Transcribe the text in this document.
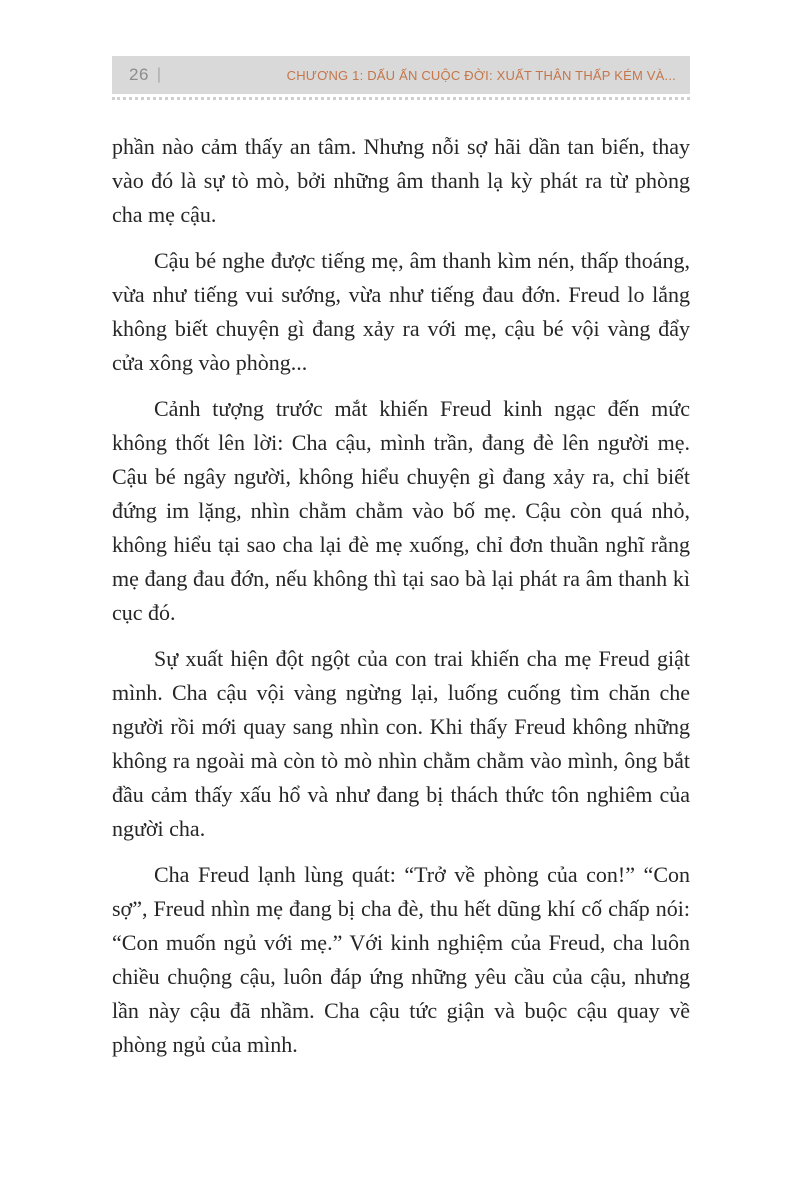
26 |	CHƯƠNG 1: DẤU ẤN CUỘC ĐỜI: XUẤT THÂN THẤP KÉM VÀ...

phần nào cảm thấy an tâm. Nhưng nỗi sợ hãi dần tan biến, thay vào đó là sự tò mò, bởi những âm thanh lạ kỳ phát ra từ phòng cha mẹ cậu.

Cậu bé nghe được tiếng mẹ, âm thanh kìm nén, thấp thoáng, vừa như tiếng vui sướng, vừa như tiếng đau đớn. Freud lo lắng không biết chuyện gì đang xảy ra với mẹ, cậu bé vội vàng đẩy cửa xông vào phòng...

Cảnh tượng trước mắt khiến Freud kinh ngạc đến mức không thốt lên lời: Cha cậu, mình trần, đang đè lên người mẹ. Cậu bé ngây người, không hiểu chuyện gì đang xảy ra, chỉ biết đứng im lặng, nhìn chằm chằm vào bố mẹ. Cậu còn quá nhỏ, không hiểu tại sao cha lại đè mẹ xuống, chỉ đơn thuần nghĩ rằng mẹ đang đau đớn, nếu không thì tại sao bà lại phát ra âm thanh kì cục đó.

Sự xuất hiện đột ngột của con trai khiến cha mẹ Freud giật mình. Cha cậu vội vàng ngừng lại, luống cuống tìm chăn che người rồi mới quay sang nhìn con. Khi thấy Freud không những không ra ngoài mà còn tò mò nhìn chằm chằm vào mình, ông bắt đầu cảm thấy xấu hổ và như đang bị thách thức tôn nghiêm của người cha.

Cha Freud lạnh lùng quát: “Trở về phòng của con!” “Con sợ”, Freud nhìn mẹ đang bị cha đè, thu hết dũng khí cố chấp nói: “Con muốn ngủ với mẹ.” Với kinh nghiệm của Freud, cha luôn chiều chuộng cậu, luôn đáp ứng những yêu cầu của cậu, nhưng lần này cậu đã nhầm. Cha cậu tức giận và buộc cậu quay về phòng ngủ của mình.
